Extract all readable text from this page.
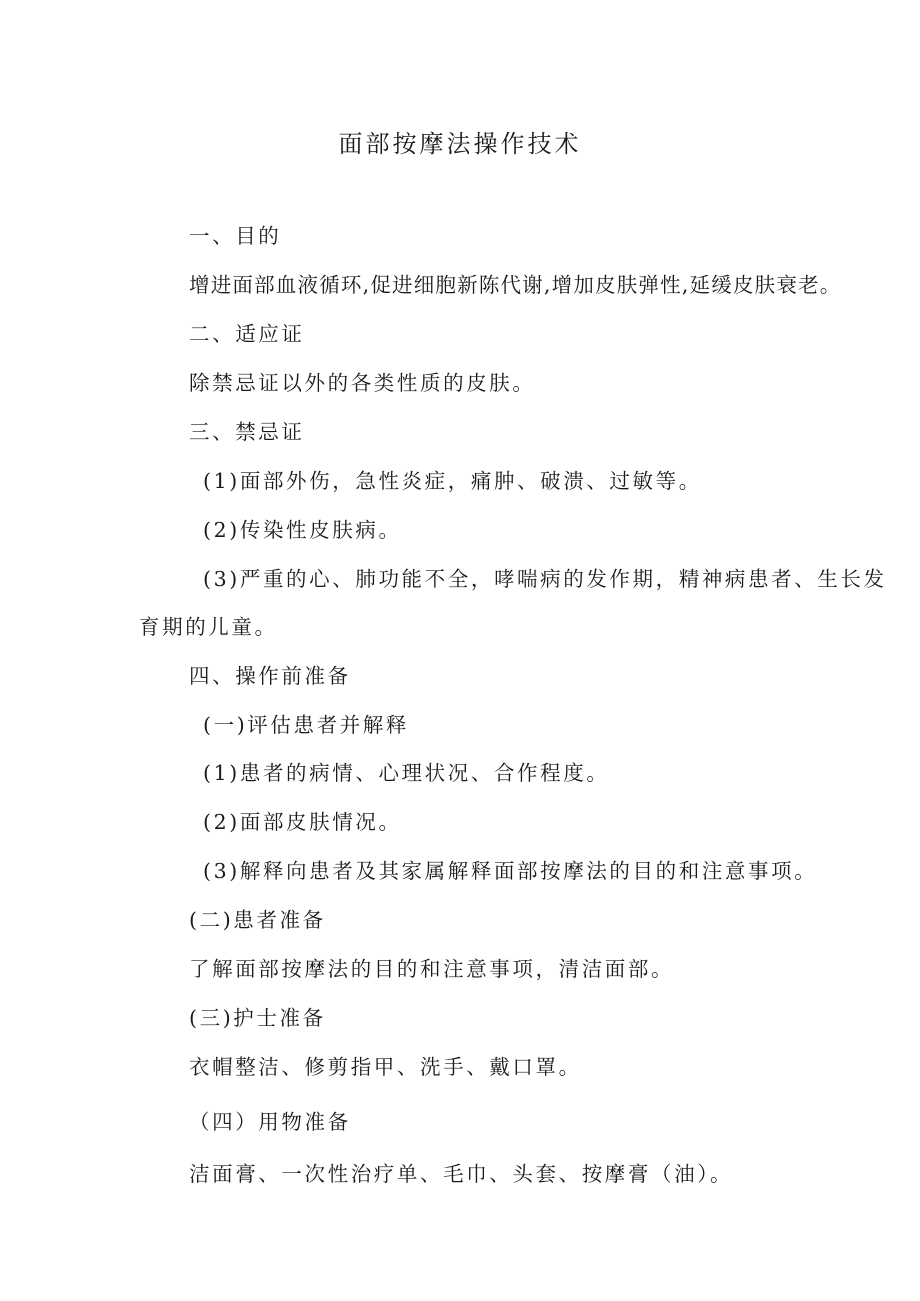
面部按摩法操作技术
一、目的
增进面部血液循环,促进细胞新陈代谢,增加皮肤弹性,延缓皮肤衰老。
二、适应证
除禁忌证以外的各类性质的皮肤。
三、禁忌证
(1)面部外伤，急性炎症，痛肿、破溃、过敏等。
(2)传染性皮肤病。
(3)严重的心、肺功能不全，哮喘病的发作期，精神病患者、生长发
育期的儿童。
四、操作前准备
(一)评估患者并解释
(1)患者的病情、心理状况、合作程度。
(2)面部皮肤情况。
(3)解释向患者及其家属解释面部按摩法的目的和注意事项。
(二)患者准备
了解面部按摩法的目的和注意事项，清洁面部。
(三)护士准备
衣帽整洁、修剪指甲、洗手、戴口罩。
（四）用物准备
洁面膏、一次性治疗单、毛巾、头套、按摩膏（油）。
